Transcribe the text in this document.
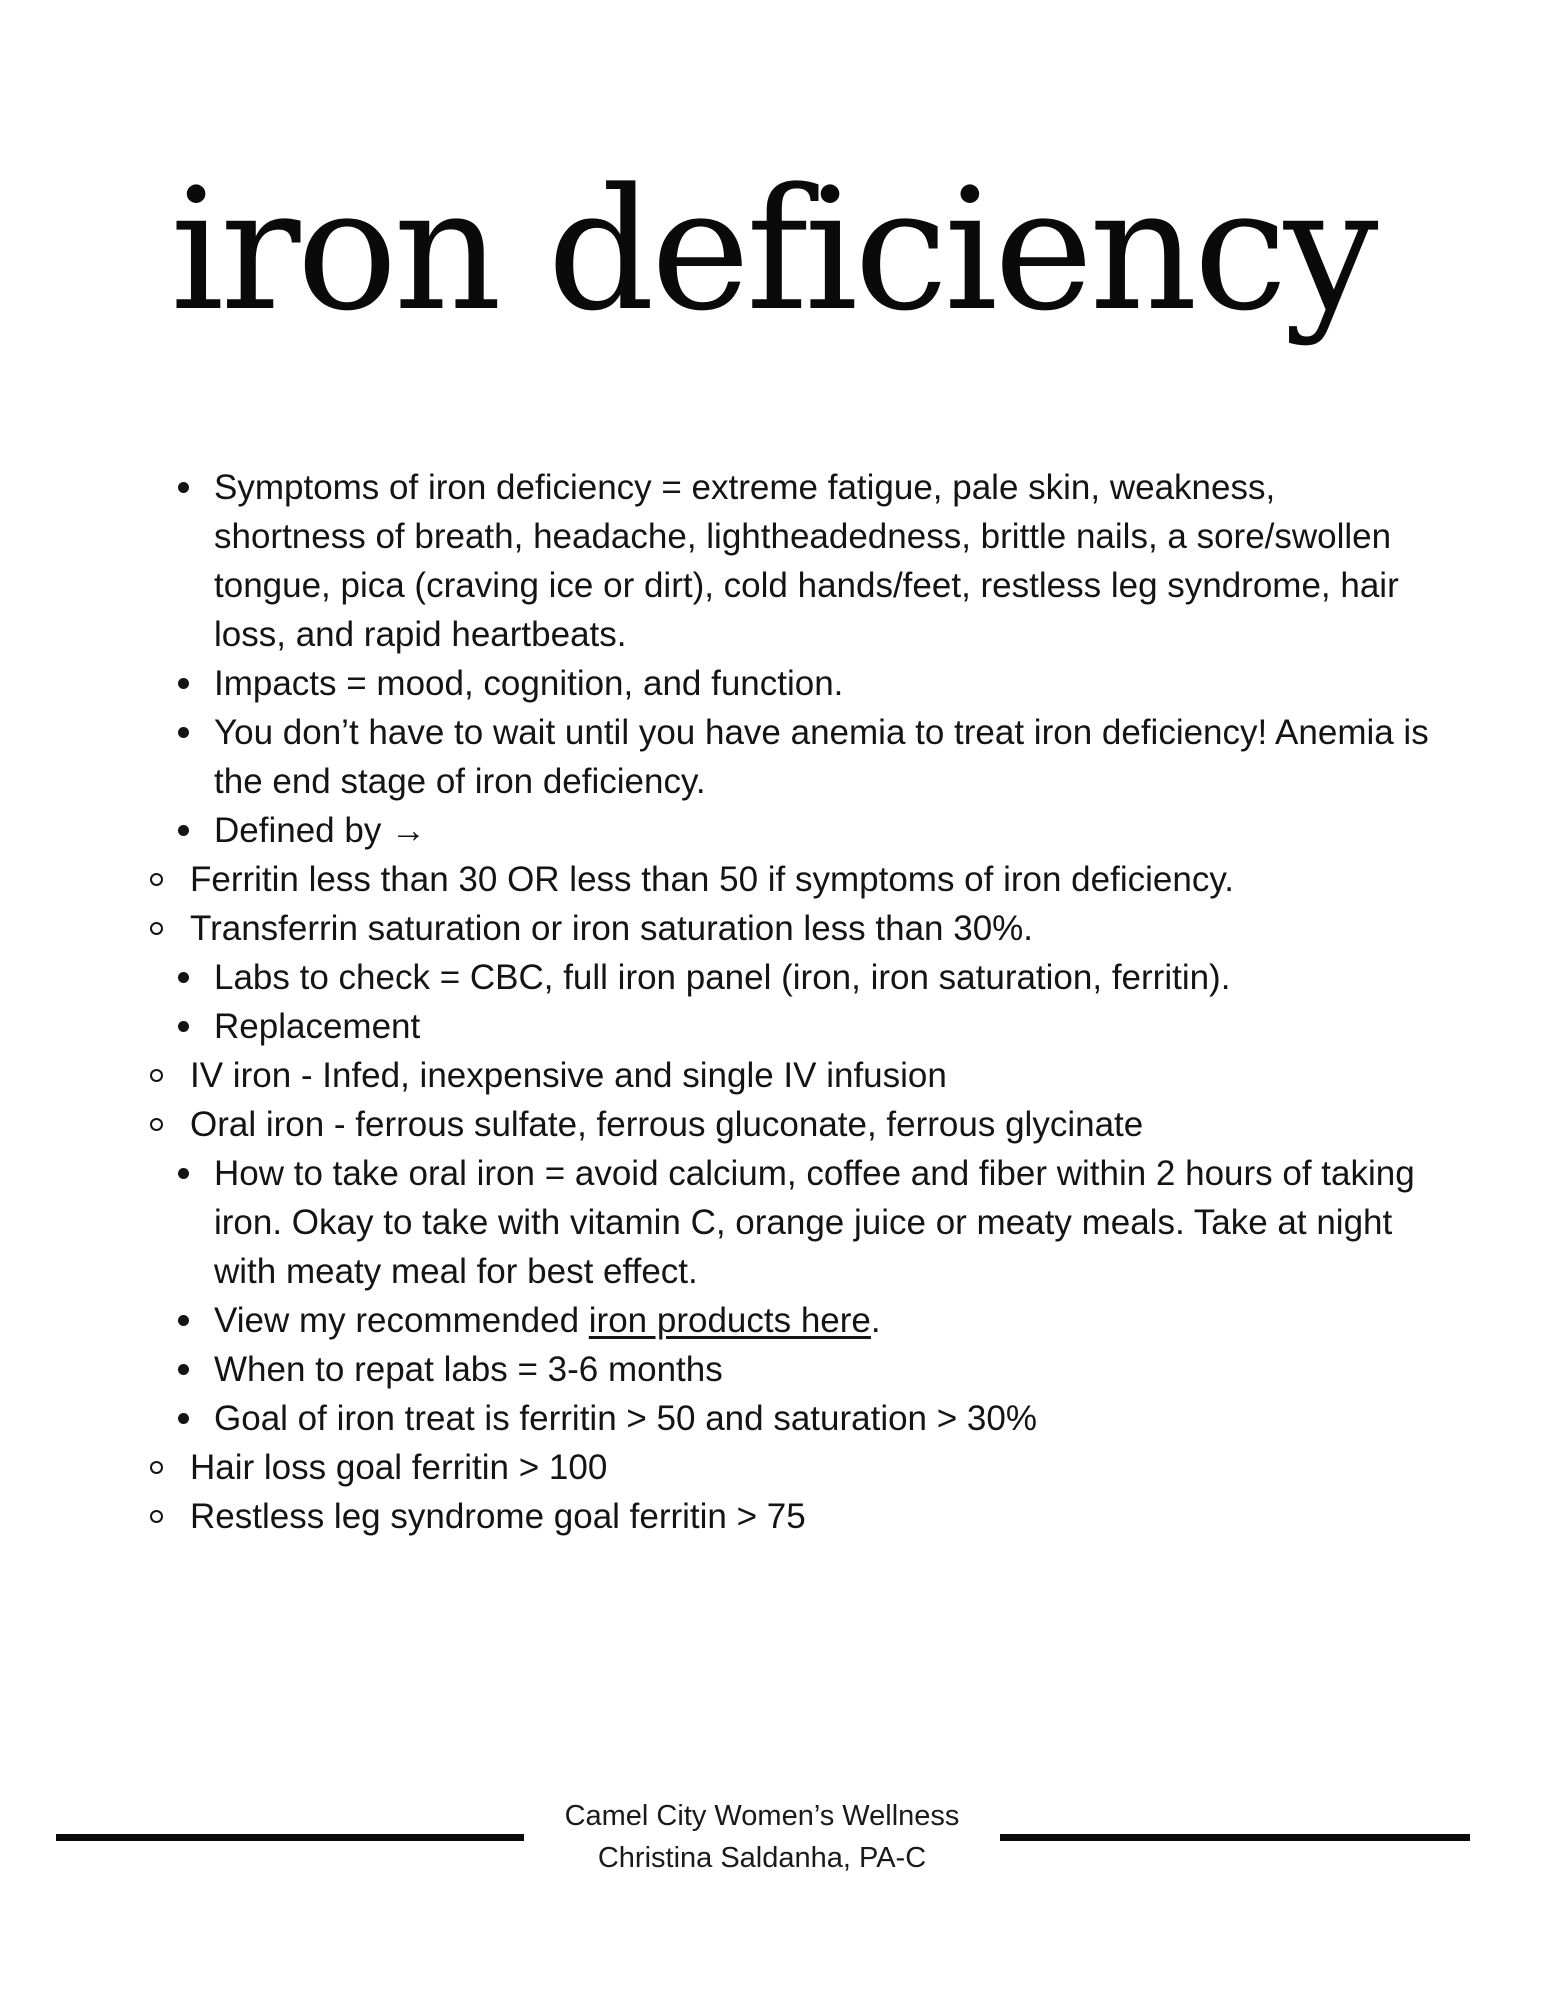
iron deficiency
Symptoms of iron deficiency = extreme fatigue, pale skin, weakness, shortness of breath, headache, lightheadedness, brittle nails, a sore/swollen tongue, pica (craving ice or dirt), cold hands/feet, restless leg syndrome, hair loss, and rapid heartbeats.
Impacts = mood, cognition, and function.
You don’t have to wait until you have anemia to treat iron deficiency! Anemia is the end stage of iron deficiency.
Defined by →
Ferritin less than 30 OR less than 50 if symptoms of iron deficiency.
Transferrin saturation or iron saturation less than 30%.
Labs to check = CBC, full iron panel (iron, iron saturation, ferritin).
Replacement
IV iron - Infed, inexpensive and single IV infusion
Oral iron - ferrous sulfate, ferrous gluconate, ferrous glycinate
How to take oral iron = avoid calcium, coffee and fiber within 2 hours of taking iron. Okay to take with vitamin C, orange juice or meaty meals. Take at night with meaty meal for best effect.
View my recommended iron products here.
When to repat labs = 3-6 months
Goal of iron treat is ferritin > 50 and saturation > 30%
Hair loss goal ferritin > 100
Restless leg syndrome goal ferritin > 75
Camel City Women’s Wellness
Christina Saldanha, PA-C
